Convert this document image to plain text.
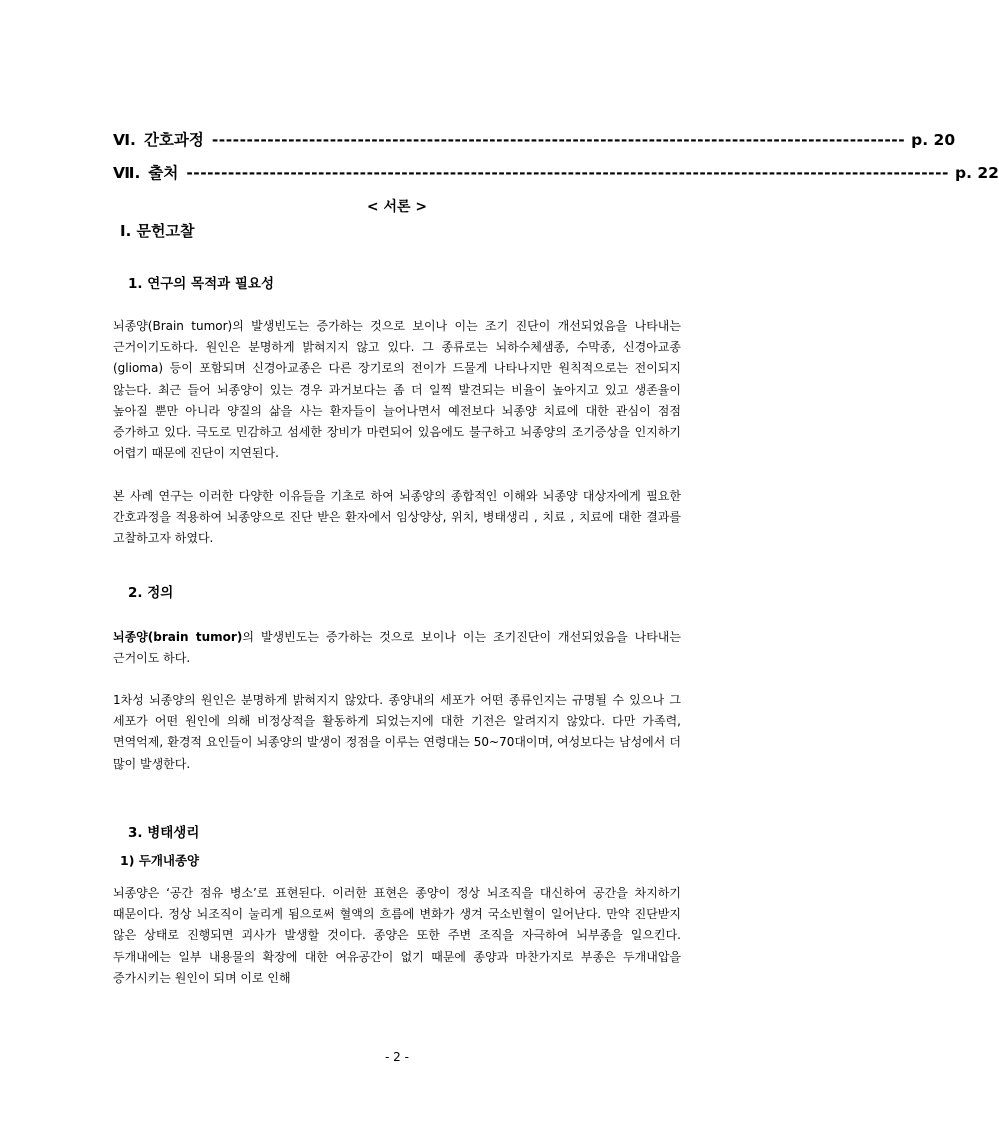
Ⅵ. 간호과정 ---------------------------------------------------------------------------------------------------- p. 20
Ⅶ. 출처 -------------------------------------------------------------------------------------------------------------- p. 22
< 서론 >
Ⅰ. 문헌고찰
1. 연구의 목적과 필요성
뇌종양(Brain tumor)의 발생빈도는 증가하는 것으로 보이나 이는 조기 진단이 개선되었음을 나타내는 근거이기도하다. 원인은 분명하게 밝혀지지 않고 있다. 그 종류로는 뇌하수체샘종, 수막종, 신경아교종(glioma) 등이 포함되며 신경아교종은 다른 장기로의 전이가 드물게 나타나지만 원칙적으로는 전이되지 않는다. 최근 들어 뇌종양이 있는 경우 과거보다는 좀 더 일찍 발견되는 비율이 높아지고 있고 생존율이 높아질 뿐만 아니라 양질의 삶을 사는 환자들이 늘어나면서 예전보다 뇌종양 치료에 대한 관심이 점점 증가하고 있다. 극도로 민감하고 섬세한 장비가 마련되어 있음에도 불구하고 뇌종양의 조기증상을 인지하기 어렵기 때문에 진단이 지연된다.
본 사례 연구는 이러한 다양한 이유들을 기초로 하여 뇌종양의 종합적인 이해와 뇌종양 대상자에게 필요한 간호과정을 적용하여 뇌종양으로 진단 받은 환자에서 임상양상, 위치, 병태생리 , 치료 , 치료에 대한 결과를 고찰하고자 하였다.
2. 정의
뇌종양(brain tumor)의 발생빈도는 증가하는 것으로 보이나 이는 조기진단이 개선되었음을 나타내는 근거이도 하다.
1차성 뇌종양의 원인은 분명하게 밝혀지지 않았다. 종양내의 세포가 어떤 종류인지는 규명될 수 있으나 그 세포가 어떤 원인에 의해 비정상적을 활동하게 되었는지에 대한 기전은 알려지지 않았다. 다만 가족력, 면역억제, 환경적 요인들이 뇌종양의 발생이 정점을 이루는 연령대는 50~70대이며, 여성보다는 남성에서 더 많이 발생한다.
3. 병태생리
1) 두개내종양
뇌종양은 ‘공간 점유 병소’로 표현된다. 이러한 표현은 종양이 정상 뇌조직을 대신하여 공간을 차지하기 때문이다. 정상 뇌조직이 눌리게 됨으로써 혈액의 흐름에 변화가 생겨 국소빈혈이 일어난다. 만약 진단받지 않은 상태로 진행되면 괴사가 발생할 것이다. 종양은 또한 주변 조직을 자극하여 뇌부종을 일으킨다. 두개내에는 일부 내용물의 확장에 대한 여유공간이 없기 때문에 종양과 마찬가지로 부종은 두개내압을 증가시키는 원인이 되며 이로 인해
- 2 -
